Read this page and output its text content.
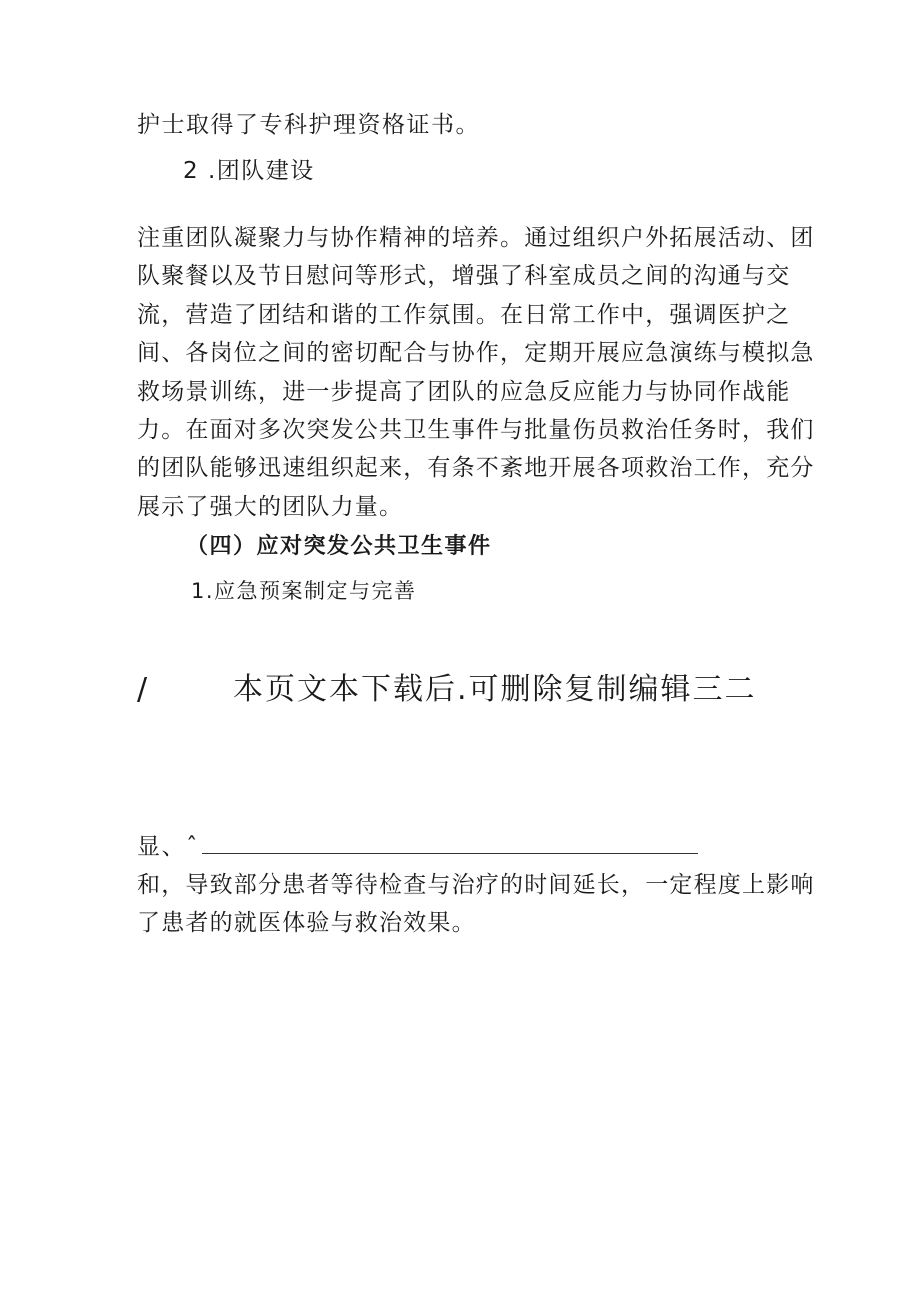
护士取得了专科护理资格证书。
2 .团队建设
注重团队凝聚力与协作精神的培养。通过组织户外拓展活动、团
队聚餐以及节日慰问等形式，增强了科室成员之间的沟通与交
流，营造了团结和谐的工作氛围。在日常工作中，强调医护之
间、各岗位之间的密切配合与协作，定期开展应急演练与模拟急
救场景训练，进一步提高了团队的应急反应能力与协同作战能
力。在面对多次突发公共卫生事件与批量伤员救治任务时，我们
的团队能够迅速组织起来，有条不紊地开展各项救治工作，充分
展示了强大的团队力量。
（四）应对突发公共卫生事件
1.应急预案制定与完善
/	本页文本下载后.可删除复制编辑三二
显、ˆ
和，导致部分患者等待检查与治疗的时间延长，一定程度上影响
了患者的就医体验与救治效果。
